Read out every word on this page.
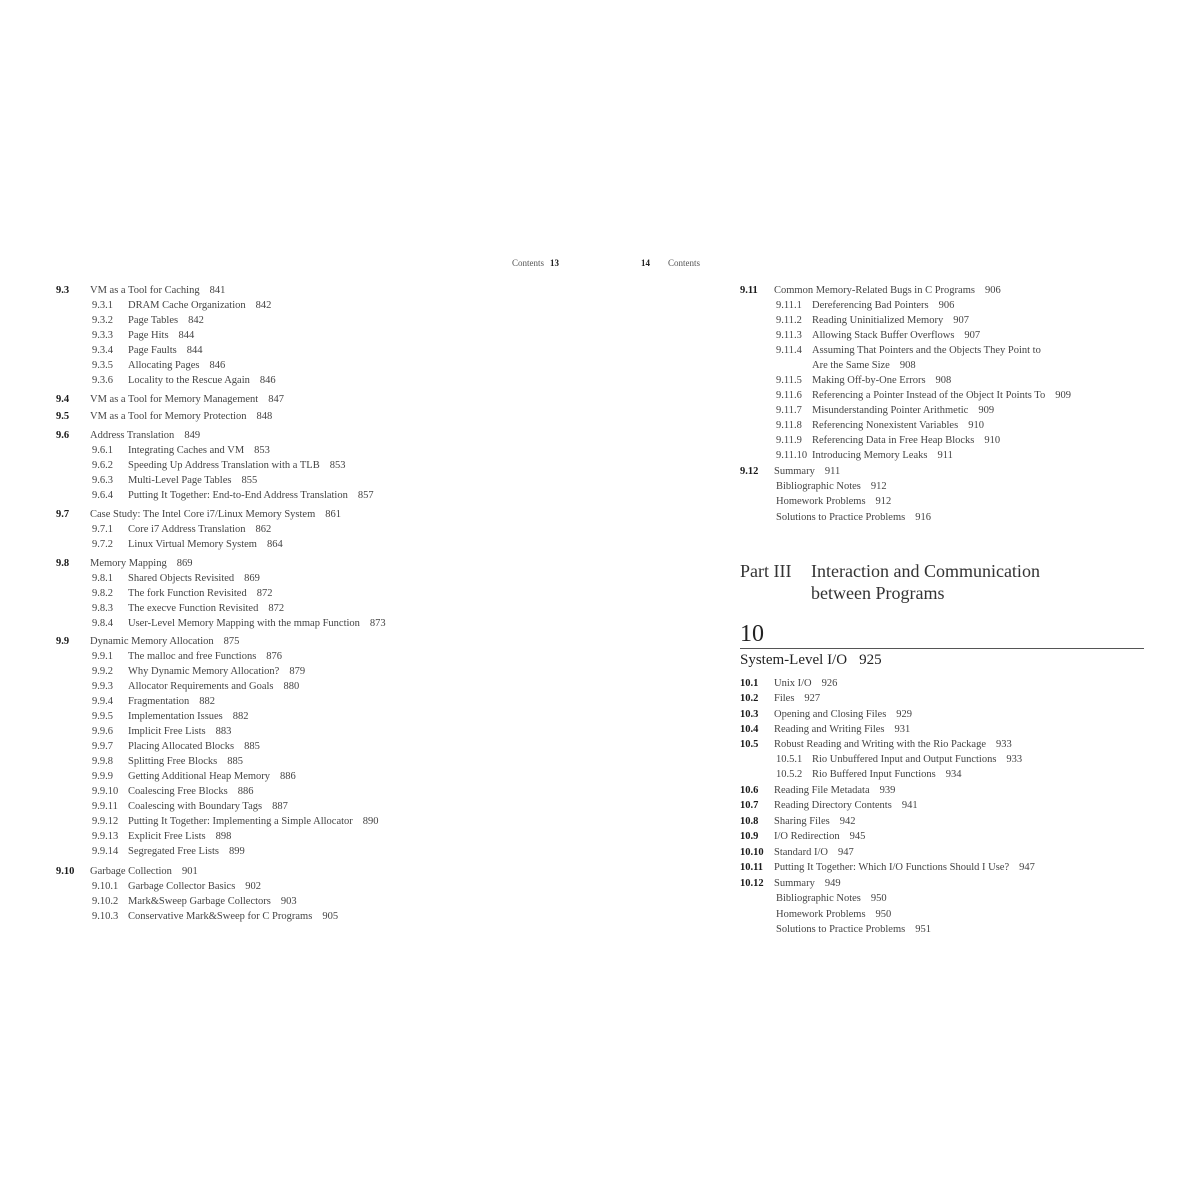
Contents 13
9.3 VM as a Tool for Caching 841
9.3.1 DRAM Cache Organization 842
9.3.2 Page Tables 842
9.3.3 Page Hits 844
9.3.4 Page Faults 844
9.3.5 Allocating Pages 846
9.3.6 Locality to the Rescue Again 846
9.4 VM as a Tool for Memory Management 847
9.5 VM as a Tool for Memory Protection 848
9.6 Address Translation 849
9.6.1 Integrating Caches and VM 853
9.6.2 Speeding Up Address Translation with a TLB 853
9.6.3 Multi-Level Page Tables 855
9.6.4 Putting It Together: End-to-End Address Translation 857
9.7 Case Study: The Intel Core i7/Linux Memory System 861
9.7.1 Core i7 Address Translation 862
9.7.2 Linux Virtual Memory System 864
9.8 Memory Mapping 869
9.8.1 Shared Objects Revisited 869
9.8.2 The fork Function Revisited 872
9.8.3 The execve Function Revisited 872
9.8.4 User-Level Memory Mapping with the mmap Function 873
9.9 Dynamic Memory Allocation 875
9.9.1 The malloc and free Functions 876
9.9.2 Why Dynamic Memory Allocation? 879
9.9.3 Allocator Requirements and Goals 880
9.9.4 Fragmentation 882
9.9.5 Implementation Issues 882
9.9.6 Implicit Free Lists 883
9.9.7 Placing Allocated Blocks 885
9.9.8 Splitting Free Blocks 885
9.9.9 Getting Additional Heap Memory 886
9.9.10 Coalescing Free Blocks 886
9.9.11 Coalescing with Boundary Tags 887
9.9.12 Putting It Together: Implementing a Simple Allocator 890
9.9.13 Explicit Free Lists 898
9.9.14 Segregated Free Lists 899
9.10 Garbage Collection 901
9.10.1 Garbage Collector Basics 902
9.10.2 Mark&Sweep Garbage Collectors 903
9.10.3 Conservative Mark&Sweep for C Programs 905
14 Contents
9.11 Common Memory-Related Bugs in C Programs 906
9.11.1 Dereferencing Bad Pointers 906
9.11.2 Reading Uninitialized Memory 907
9.11.3 Allowing Stack Buffer Overflows 907
9.11.4 Assuming That Pointers and the Objects They Point to
Are the Same Size 908
9.11.5 Making Off-by-One Errors 908
9.11.6 Referencing a Pointer Instead of the Object It Points To 909
9.11.7 Misunderstanding Pointer Arithmetic 909
9.11.8 Referencing Nonexistent Variables 910
9.11.9 Referencing Data in Free Heap Blocks 910
9.11.10 Introducing Memory Leaks 911
9.12 Summary 911
Bibliographic Notes 912
Homework Problems 912
Solutions to Practice Problems 916
Part III Interaction and Communication
between Programs
10
System-Level I/O 925
10.1 Unix I/O 926
10.2 Files 927
10.3 Opening and Closing Files 929
10.4 Reading and Writing Files 931
10.5 Robust Reading and Writing with the Rio Package 933
10.5.1 Rio Unbuffered Input and Output Functions 933
10.5.2 Rio Buffered Input Functions 934
10.6 Reading File Metadata 939
10.7 Reading Directory Contents 941
10.8 Sharing Files 942
10.9 I/O Redirection 945
10.10 Standard I/O 947
10.11 Putting It Together: Which I/O Functions Should I Use? 947
10.12 Summary 949
Bibliographic Notes 950
Homework Problems 950
Solutions to Practice Problems 951
